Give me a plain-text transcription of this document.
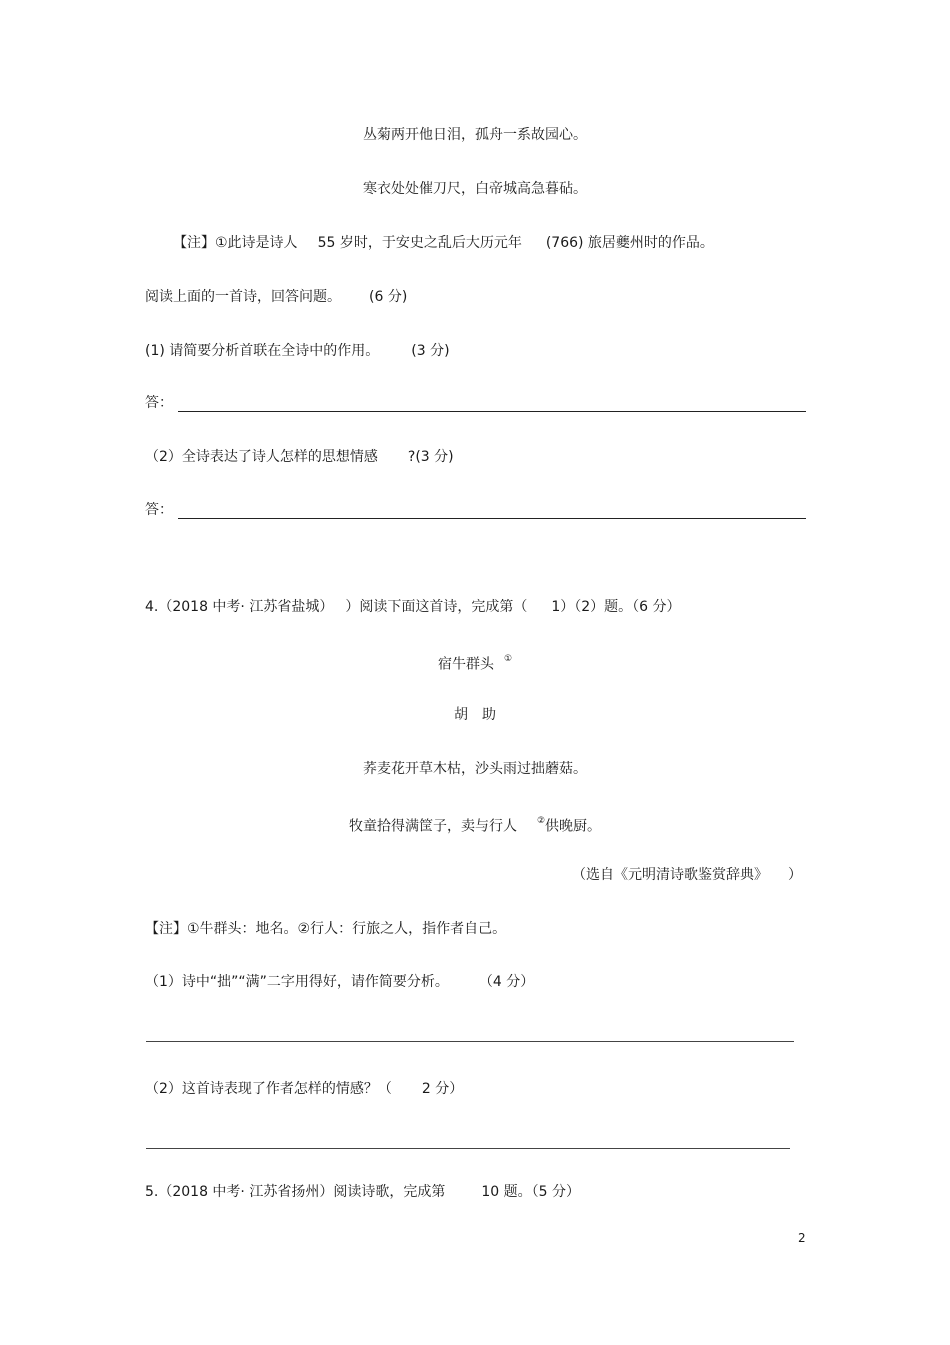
丛菊两开他日泪，孤舟一系故园心。
寒衣处处催刀尺，白帝城高急暮砧。
【注】①此诗是诗人 55 岁时，于安史之乱后大历元年 (766) 旅居夔州时的作品。
阅读上面的一首诗，回答问题。 (6 分)
(1) 请简要分析首联在全诗中的作用。 (3 分)
答：
（2）全诗表达了诗人怎样的思想情感 ?(3 分)
答：
4.（2018 中考· 江苏省盐城） ）阅读下面这首诗，完成第（ 1）（2）题。（6 分）
宿牛群头 ①
胡　助
荞麦花开草木枯，沙头雨过拙蘑菇。
牧童拾得满筐子，卖与行人 ②供晚厨。
（选自《元明清诗歌鉴赏辞典》 ）
【注】①牛群头：地名。②行人：行旅之人，指作者自己。
（1）诗中“拙”“满”二字用得好，请作简要分析。 （4 分）
（2）这首诗表现了作者怎样的情感？（ 2 分）
5.（2018 中考· 江苏省扬州）阅读诗歌，完成第	10 题。（5 分）
2
